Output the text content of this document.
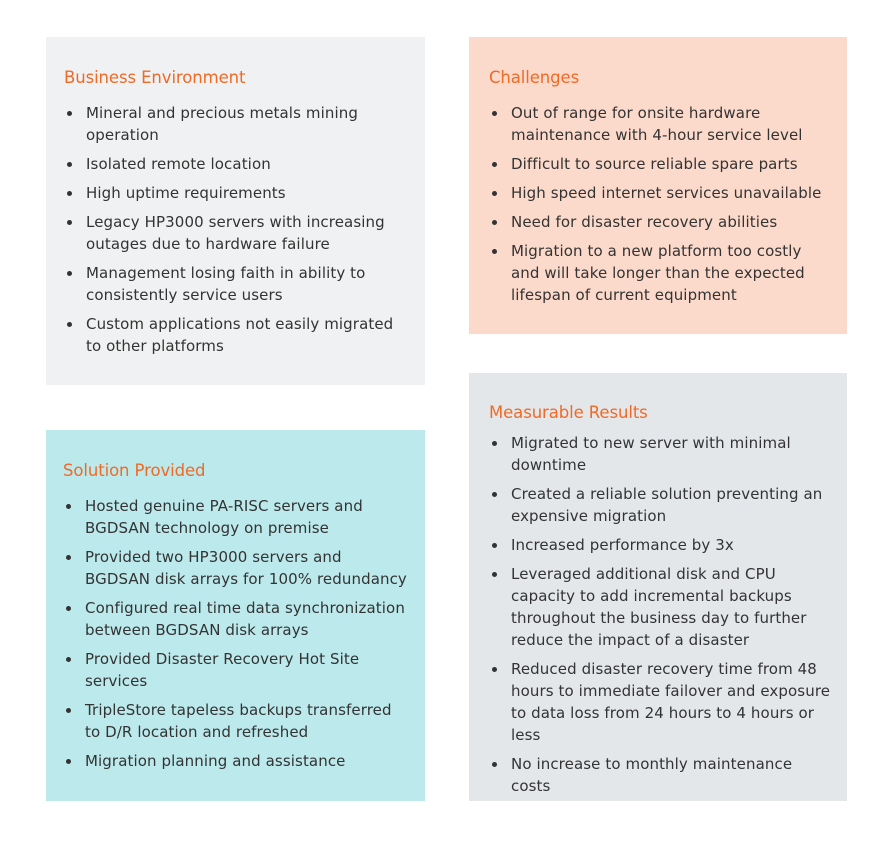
Business Environment
Mineral and precious metals mining operation
Isolated remote location
High uptime requirements
Legacy HP3000 servers with increasing outages due to hardware failure
Management losing faith in ability to consistently service users
Custom applications not easily migrated to other platforms
Challenges
Out of range for onsite hardware maintenance with 4-hour service level
Difficult to source reliable spare parts
High speed internet services unavailable
Need for disaster recovery abilities
Migration to a new platform too costly and will take longer than the expected lifespan of current equipment
Solution Provided
Hosted genuine PA-RISC servers and BGDSAN technology on premise
Provided two HP3000 servers and BGDSAN disk arrays for 100% redundancy
Configured real time data synchronization between BGDSAN disk arrays
Provided Disaster Recovery Hot Site services
TripleStore tapeless backups transferred to D/R location and refreshed
Migration planning and assistance
Measurable Results
Migrated to new server with minimal downtime
Created a reliable solution preventing an expensive migration
Increased performance by 3x
Leveraged additional disk and CPU capacity to add incremental backups throughout the business day to further reduce the impact of a disaster
Reduced disaster recovery time from 48 hours to immediate failover and exposure to data loss from 24 hours to 4 hours or less
No increase to monthly maintenance costs
